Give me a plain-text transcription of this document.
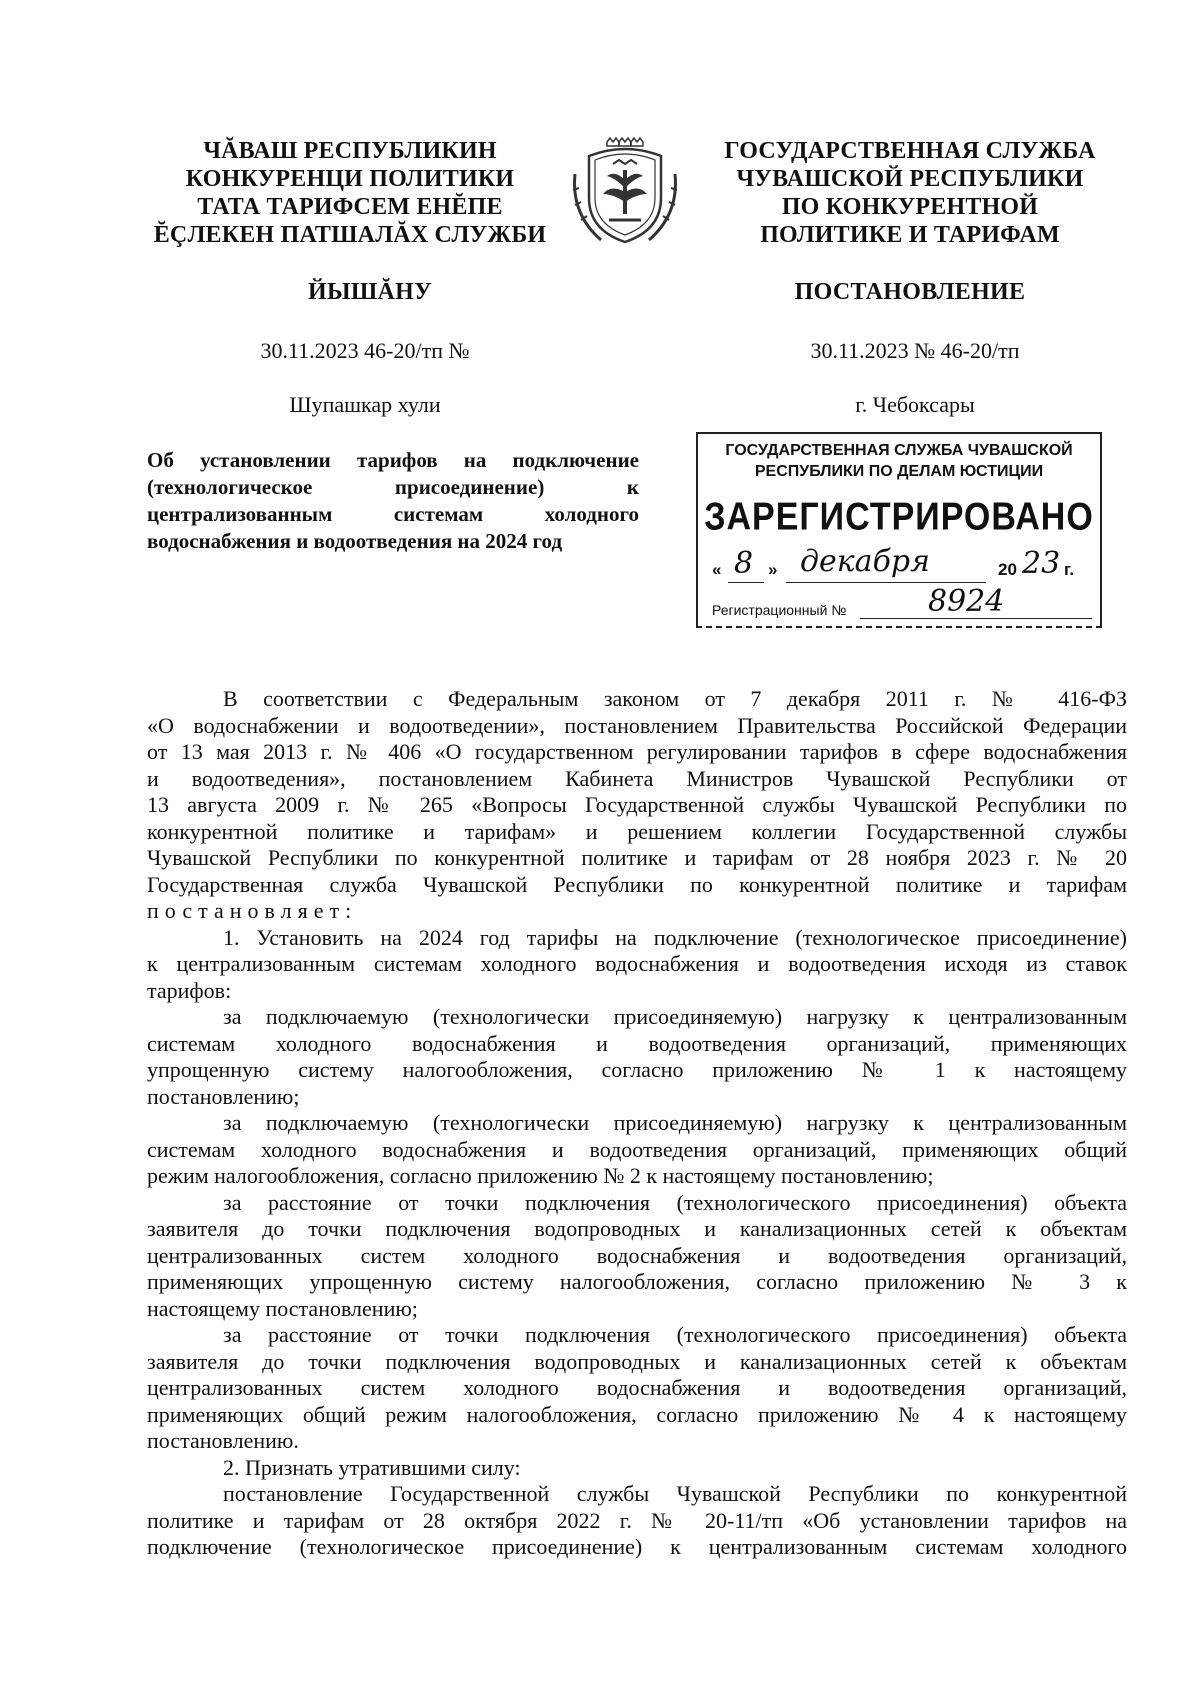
ЧĂВАШ РЕСПУБЛИКИН
КОНКУРЕНЦИ ПОЛИТИКИ
ТАТА ТАРИФСЕМ ЕНĔПЕ
ĔÇЛЕКЕН ПАТШАЛĂХ СЛУЖБИ
ГОСУДАРСТВЕННАЯ СЛУЖБА
ЧУВАШСКОЙ РЕСПУБЛИКИ
ПО КОНКУРЕНТНОЙ
ПОЛИТИКЕ И ТАРИФАМ
ЙЫШĂНУ	ПОСТАНОВЛЕНИЕ
30.11.2023 46-20/тп №	30.11.2023 № 46-20/тп
Шупашкар хули	г. Чебоксары
Об установлении тарифов на подключение
(технологическое присоединение) к
централизованным системам холодного
водоснабжения и водоотведения на 2024 год
ГОСУДАРСТВЕННАЯ СЛУЖБА ЧУВАШСКОЙ
РЕСПУБЛИКИ ПО ДЕЛАМ ЮСТИЦИИ
ЗАРЕГИСТРИРОВАНО
« 8 » декабря	20 23 г.
Регистрационный №	8924
В соответствии с Федеральным законом от 7 декабря 2011 г. № 416-ФЗ
«О водоснабжении и водоотведении», постановлением Правительства Российской Федерации
от 13 мая 2013 г. № 406 «О государственном регулировании тарифов в сфере водоснабжения
и водоотведения», постановлением Кабинета Министров Чувашской Республики от
13 августа 2009 г. № 265 «Вопросы Государственной службы Чувашской Республики по
конкурентной политике и тарифам» и решением коллегии Государственной службы
Чувашской Республики по конкурентной политике и тарифам от 28 ноября 2023 г. № 20
Государственная служба Чувашской Республики по конкурентной политике и тарифам
постановляет:
1. Установить на 2024 год тарифы на подключение (технологическое присоединение)
к централизованным системам холодного водоснабжения и водоотведения исходя из ставок
тарифов:
за подключаемую (технологически присоединяемую) нагрузку к централизованным
системам холодного водоснабжения и водоотведения организаций, применяющих
упрощенную систему налогообложения, согласно приложению № 1 к настоящему
постановлению;
за подключаемую (технологически присоединяемую) нагрузку к централизованным
системам холодного водоснабжения и водоотведения организаций, применяющих общий
режим налогообложения, согласно приложению № 2 к настоящему постановлению;
за расстояние от точки подключения (технологического присоединения) объекта
заявителя до точки подключения водопроводных и канализационных сетей к объектам
централизованных систем холодного водоснабжения и водоотведения организаций,
применяющих упрощенную систему налогообложения, согласно приложению № 3 к
настоящему постановлению;
за расстояние от точки подключения (технологического присоединения) объекта
заявителя до точки подключения водопроводных и канализационных сетей к объектам
централизованных систем холодного водоснабжения и водоотведения организаций,
применяющих общий режим налогообложения, согласно приложению № 4 к настоящему
постановлению.
2. Признать утратившими силу:
постановление Государственной службы Чувашской Республики по конкурентной
политике и тарифам от 28 октября 2022 г. № 20-11/тп «Об установлении тарифов на
подключение (технологическое присоединение) к централизованным системам холодного
